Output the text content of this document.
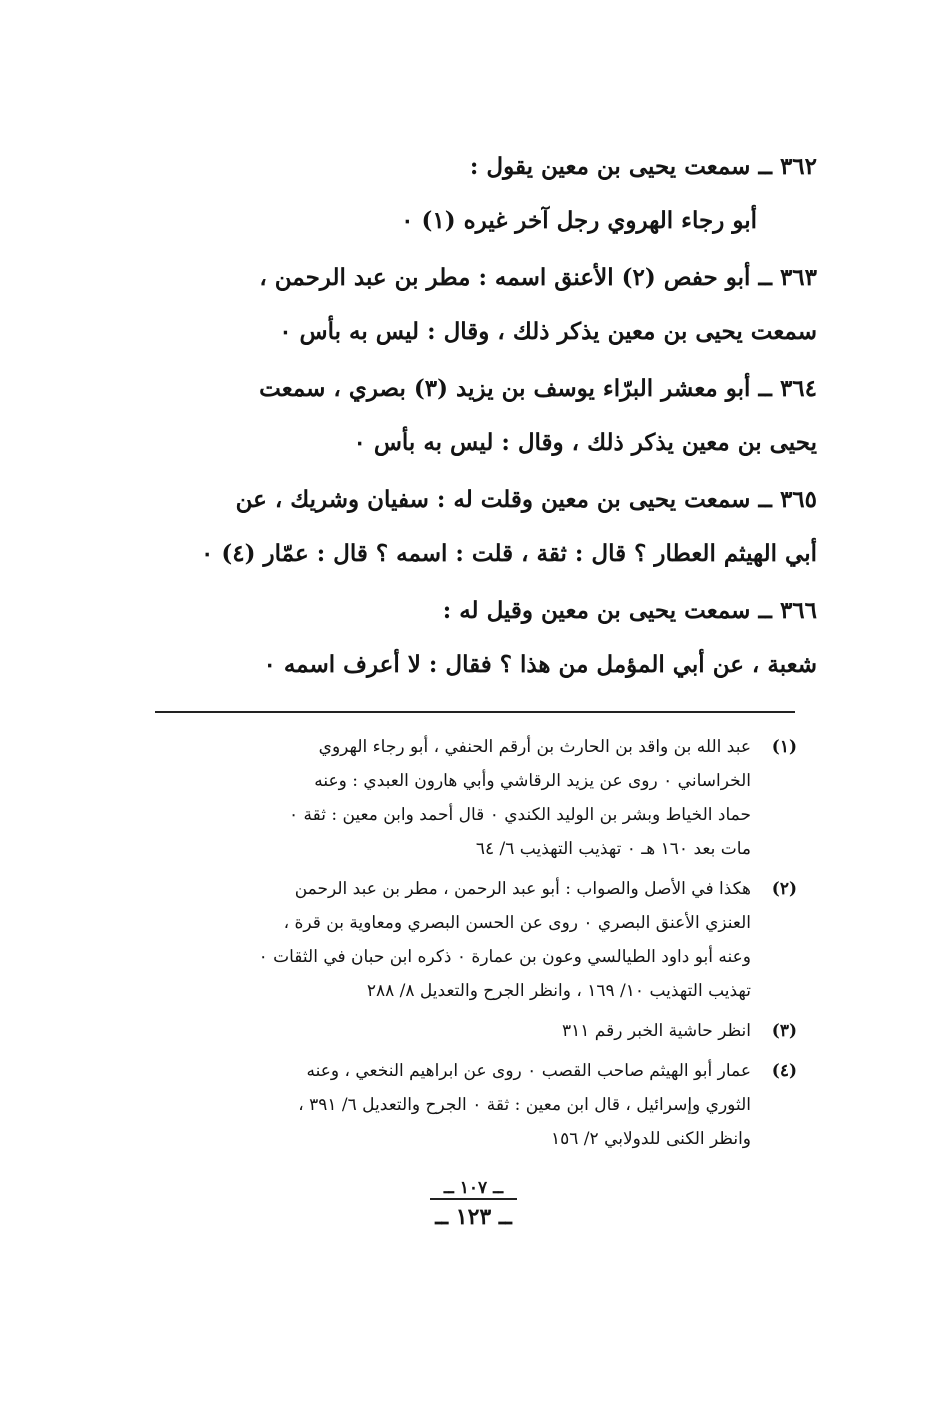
٣٦٢ ــ سمعت يحيى بن معين يقول :
أبو رجاء الهروي رجل آخر غيره (١) ٠
٣٦٣ ــ أبو حفص (٢) الأعنق اسمه : مطر بن عبد الرحمن ،
سمعت يحيى بن معين يذكر ذلك ، وقال : ليس به بأس ٠
٣٦٤ ــ أبو معشر البرّاء يوسف بن يزيد (٣) بصري ، سمعت
يحيى بن معين يذكر ذلك ، وقال : ليس به بأس ٠
٣٦٥ ــ سمعت يحيى بن معين وقلت له : سفيان وشريك ، عن
أبي الهيثم العطار ؟ قال : ثقة ، قلت : اسمه ؟ قال : عمّار (٤) ٠
٣٦٦ ــ سمعت يحيى بن معين وقيل له :
شعبة ، عن أبي المؤمل من هذا ؟ فقال : لا أعرف اسمه ٠
(١)
عبد الله بن واقد بن الحارث بن أرقم الحنفي ، أبو رجاء الهروي
الخراساني ٠ روى عن يزيد الرقاشي وأبي هارون العبدي : وعنه
حماد الخياط وبشر بن الوليد الكندي ٠ قال أحمد وابن معين : ثقة ٠
مات بعد ١٦٠ هـ ٠ تهذيب التهذيب ٦/ ٦٤
(٢)
هكذا في الأصل والصواب : أبو عبد الرحمن ، مطر بن عبد الرحمن
العنزي الأعنق البصري ٠ روى عن الحسن البصري ومعاوية بن قرة ،
وعنه أبو داود الطيالسي وعون بن عمارة ٠ ذكره ابن حبان في الثقات ٠
تهذيب التهذيب ١٠/ ١٦٩ ، وانظر الجرح والتعديل ٨/ ٢٨٨
(٣)
انظر حاشية الخبر رقم ٣١١
(٤)
عمار أبو الهيثم صاحب القصب ٠ روى عن ابراهيم النخعي ، وعنه
الثوري وإسرائيل ، قال ابن معين : ثقة ٠ الجرح والتعديل ٦/ ٣٩١ ،
وانظر الكنى للدولابي ٢/ ١٥٦
ــ ١٠٧ ــ
ــ ١٢٣ ــ
